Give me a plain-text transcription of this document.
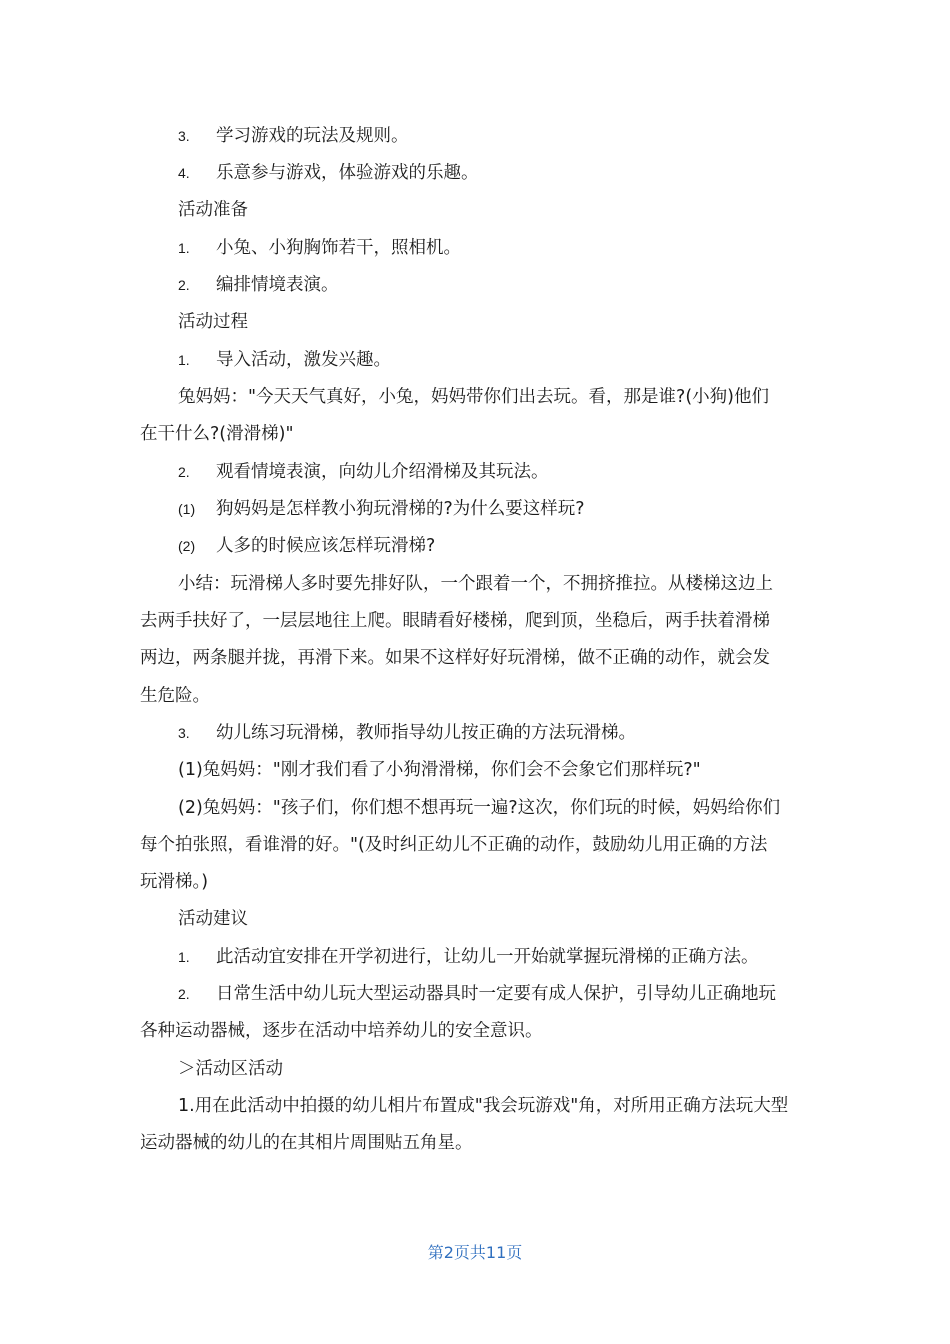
3. 学习游戏的玩法及规则。
4. 乐意参与游戏，体验游戏的乐趣。
活动准备
1. 小兔、小狗胸饰若干，照相机。
2. 编排情境表演。
活动过程
1. 导入活动，激发兴趣。
兔妈妈："今天天气真好，小兔，妈妈带你们出去玩。看，那是谁?(小狗)他们
在干什么?(滑滑梯)"
2. 观看情境表演，向幼儿介绍滑梯及其玩法。
(1) 狗妈妈是怎样教小狗玩滑梯的?为什么要这样玩?
(2) 人多的时候应该怎样玩滑梯?
小结：玩滑梯人多时要先排好队，一个跟着一个，不拥挤推拉。从楼梯这边上
去两手扶好了，一层层地往上爬。眼睛看好楼梯，爬到顶，坐稳后，两手扶着滑梯
两边，两条腿并拢，再滑下来。如果不这样好好玩滑梯，做不正确的动作，就会发
生危险。
3. 幼儿练习玩滑梯，教师指导幼儿按正确的方法玩滑梯。
(1)兔妈妈："刚才我们看了小狗滑滑梯，你们会不会象它们那样玩?"
(2)兔妈妈："孩子们，你们想不想再玩一遍?这次，你们玩的时候，妈妈给你们
每个拍张照，看谁滑的好。"(及时纠正幼儿不正确的动作，鼓励幼儿用正确的方法
玩滑梯。)
活动建议
1. 此活动宜安排在开学初进行，让幼儿一开始就掌握玩滑梯的正确方法。
2. 日常生活中幼儿玩大型运动器具时一定要有成人保护，引导幼儿正确地玩
各种运动器械，逐步在活动中培养幼儿的安全意识。
＞活动区活动
1.用在此活动中拍摄的幼儿相片布置成"我会玩游戏"角，对所用正确方法玩大型
运动器械的幼儿的在其相片周围贴五角星。
第2页共11页
